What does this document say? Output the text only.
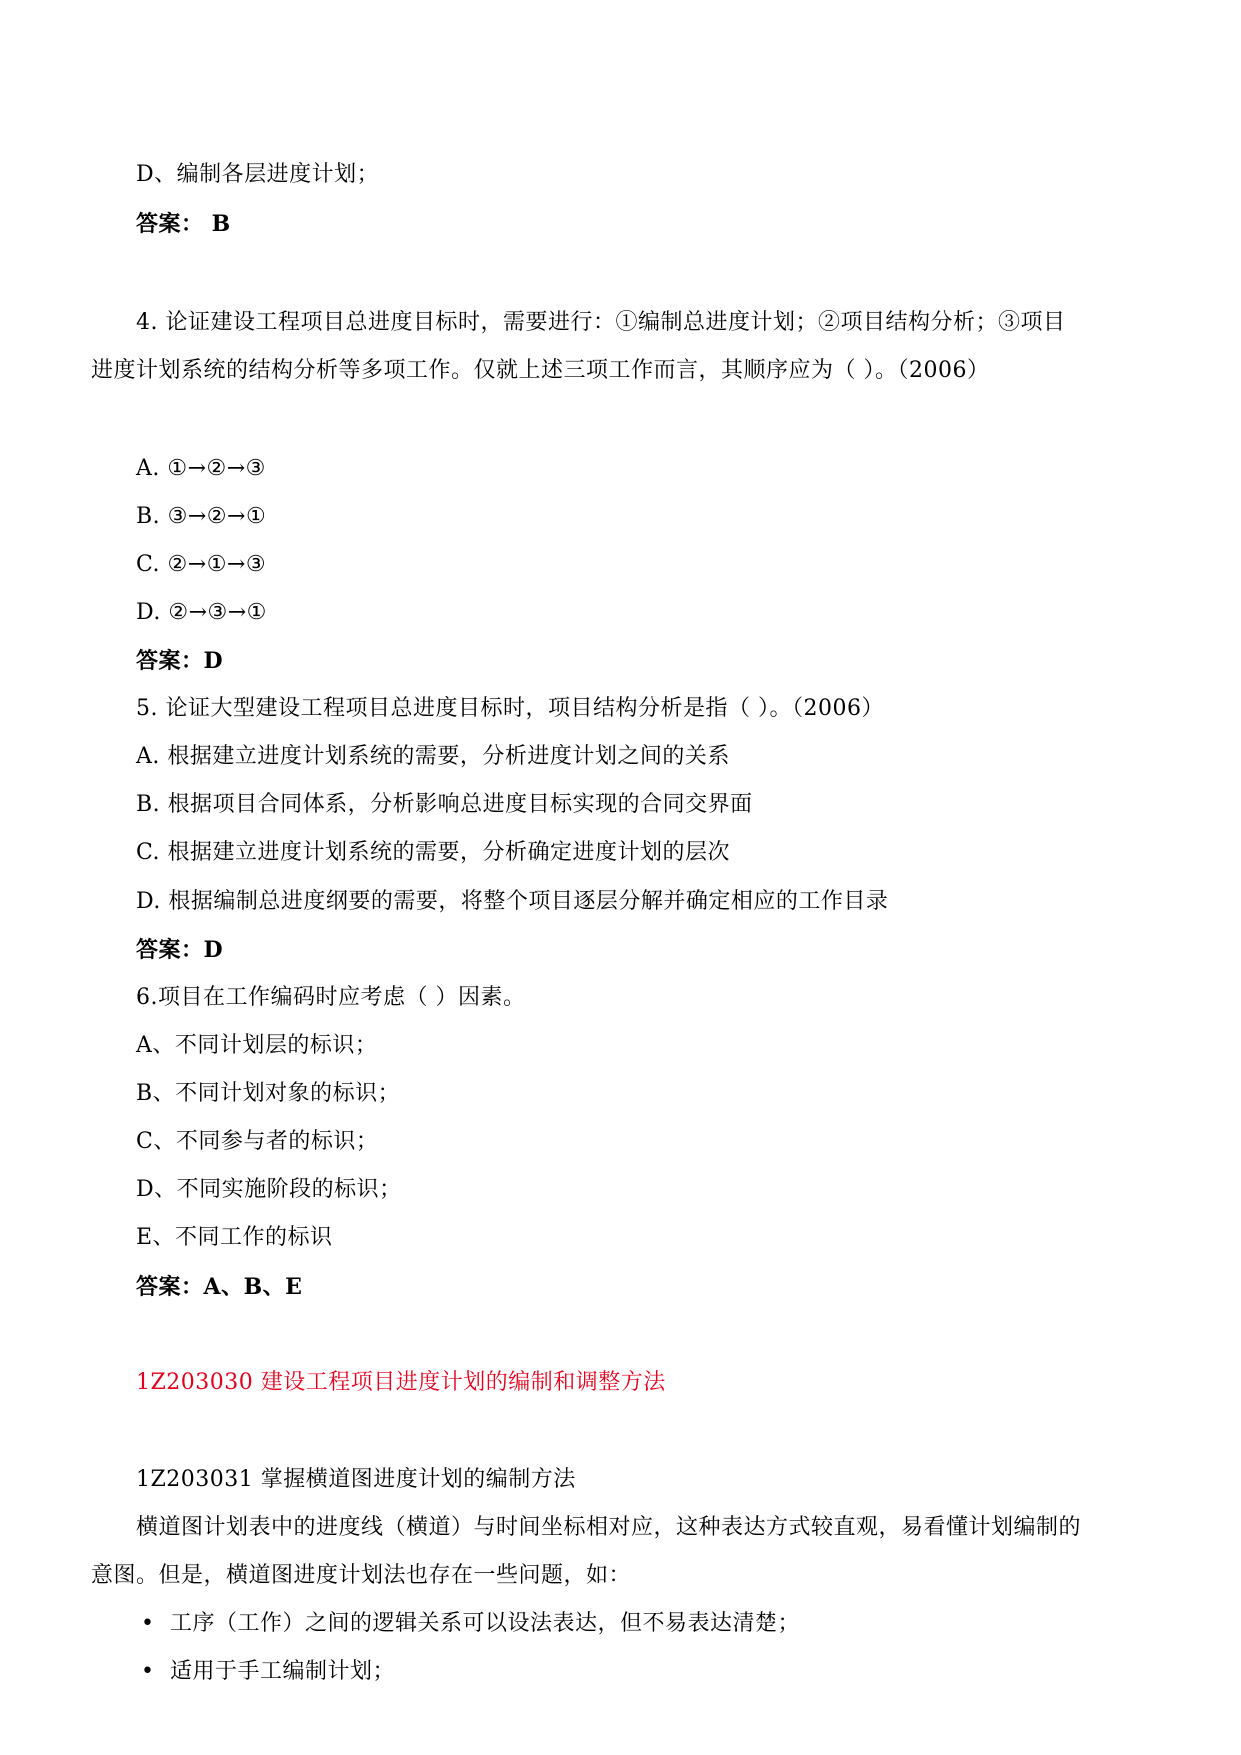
D、编制各层进度计划；
答案： B
4. 论证建设工程项目总进度目标时，需要进行：①编制总进度计划；②项目结构分析；③项目
进度计划系统的结构分析等多项工作。仅就上述三项工作而言，其顺序应为（ ）。（2006）
A. ①→②→③
B. ③→②→①
C. ②→①→③
D. ②→③→①
答案：D
5. 论证大型建设工程项目总进度目标时，项目结构分析是指（ ）。（2006）
A. 根据建立进度计划系统的需要，分析进度计划之间的关系
B. 根据项目合同体系，分析影响总进度目标实现的合同交界面
C. 根据建立进度计划系统的需要，分析确定进度计划的层次
D. 根据编制总进度纲要的需要，将整个项目逐层分解并确定相应的工作目录
答案：D
6.项目在工作编码时应考虑（ ）因素。
A、不同计划层的标识；
B、不同计划对象的标识；
C、不同参与者的标识；
D、不同实施阶段的标识；
E、不同工作的标识
答案：A、B、E
1Z203030 建设工程项目进度计划的编制和调整方法
1Z203031 掌握横道图进度计划的编制方法
横道图计划表中的进度线（横道）与时间坐标相对应，这种表达方式较直观，易看懂计划编制的
意图。但是，横道图进度计划法也存在一些问题，如：
• 工序（工作）之间的逻辑关系可以设法表达，但不易表达清楚；
• 适用于手工编制计划；
